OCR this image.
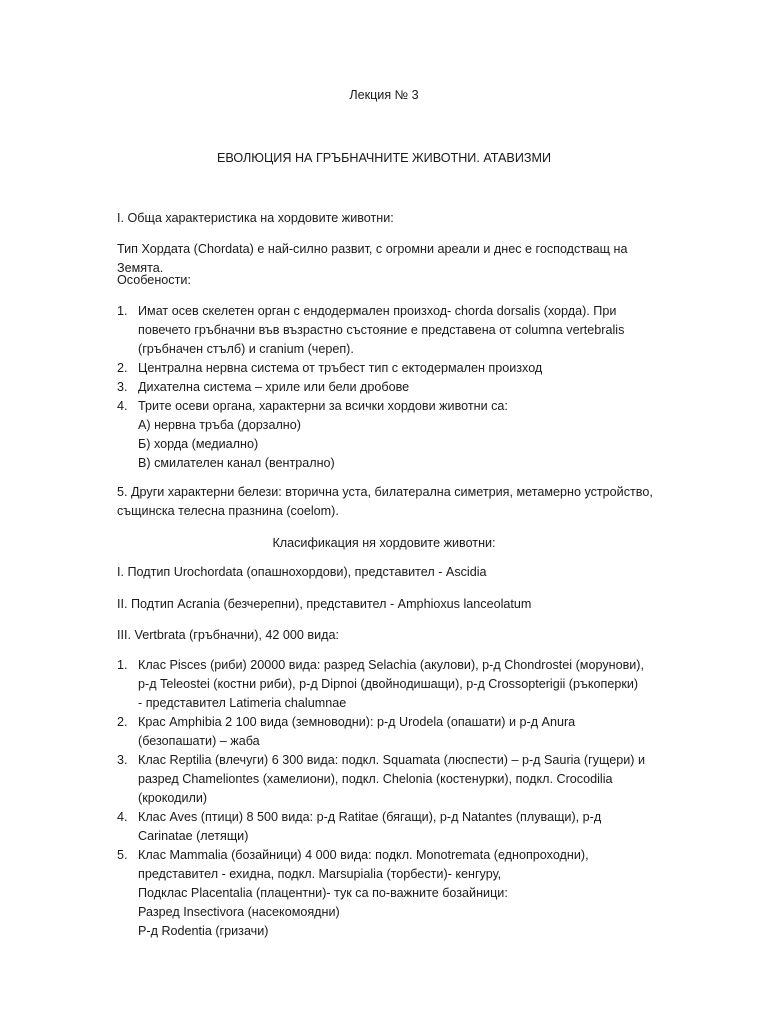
Лекция № 3
ЕВОЛЮЦИЯ НА ГРЪБНАЧНИТЕ ЖИВОТНИ. АТАВИЗМИ
I. Обща характеристика на хордовите животни:
Тип Хордата (Chordata) е най-силно развит, с огромни ареали и днес е господстващ на Земята.
Особености:
1. Имат осев скелетен орган с ендодермален произход- chorda dorsalis (хорда). При
повечето гръбначни във възрастно състояние е представена от columna vertebralis
(гръбначен стълб) и cranium (череп).
2. Централна нервна система от тръбест тип с ектодермален произход
3. Дихателна система – хриле или бели дробове
4. Трите осеви органа, характерни за всички хордови животни са:
А) нервна тръба (дорзално)
Б) хорда (медиално)
В) смилателен канал (вентрално)
5. Други характерни белези: вторична уста, билатерална симетрия, метамерно устройство,
същинска телесна празнина (coelom).
Класификация ня хордовите животни:
I. Подтип Urochordata (опашнохордови), представител - Ascidia
II. Подтип Acrania (безчерепни), представител - Amphioxus lanceolatum
III. Vertbrata (гръбначни), 42 000 вида:
1. Клас Pisces (риби) 20000 вида: разред Selachia (акулови), р-д Chondrostei (морунови),
р-д Teleostei (костни риби), р-д Dipnoi (двойнодишащи), р-д Crossopterigii (ръкоперки)
- представител Latimeria chalumnae
2. Крас Amphibia 2 100 вида (земноводни): р-д Urodela (опашати) и р-д Anura
(безопашати) – жаба
3. Клас Reptilia (влечуги) 6 300 вида: подкл. Squamata (люспести) – р-д Sauria (гущери) и
разред Chameliontes (хамелиони), подкл. Chelonia (костенурки), подкл. Crocodilia
(крокодили)
4. Клас Aves (птици) 8 500 вида: р-д Ratitae (бягащи), р-д Natantes (плуващи), р-д
Carinatae (летящи)
5. Клас Mammalia (бозайници) 4 000 вида: подкл. Monotremata (еднопроходни),
представител - ехидна, подкл. Marsupialia (торбести)- кенгуру,
Подклас Placentalia (плацентни)- тук са по-важните бозайници:
Разред Insectivora (насекомоядни)
Р-д Rodentia (гризачи)
